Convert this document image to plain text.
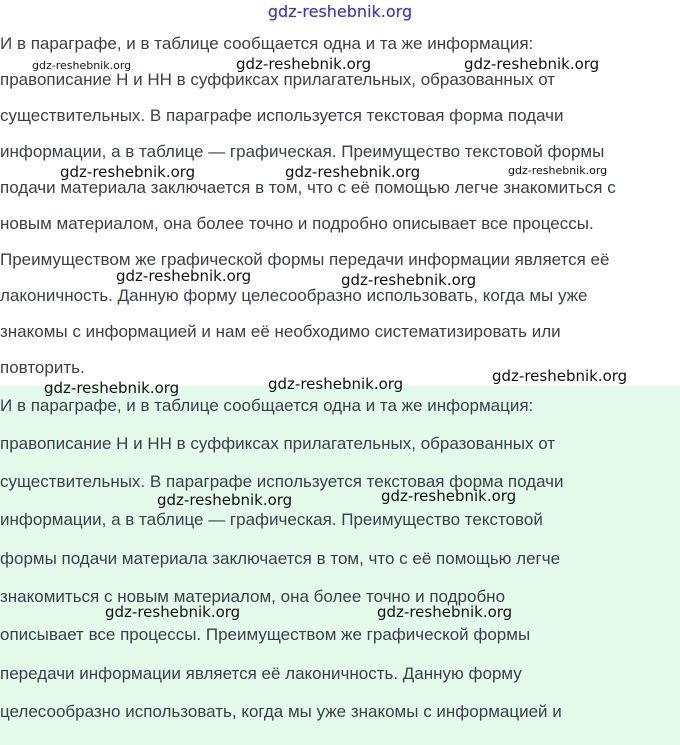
gdz-reshebnik.org
И в параграфе, и в таблице сообщается одна и та же информация:
правописание Н и НН в суффиксах прилагательных, образованных от
существительных. В параграфе используется текстовая форма подачи
информации, а в таблице — графическая. Преимущество текстовой формы
подачи материала заключается в том, что с её помощью легче знакомиться с
новым материалом, она более точно и подробно описывает все процессы.
Преимуществом же графической формы передачи информации является её
лаконичность. Данную форму целесообразно использовать, когда мы уже
знакомы с информацией и нам её необходимо систематизировать или
повторить.
И в параграфе, и в таблице сообщается одна и та же информация:
правописание Н и НН в суффиксах прилагательных, образованных от
существительных. В параграфе используется текстовая форма подачи
информации, а в таблице — графическая. Преимущество текстовой
формы подачи материала заключается в том, что с её помощью легче
знакомиться с новым материалом, она более точно и подробно
описывает все процессы. Преимуществом же графической формы
передачи информации является её лаконичность. Данную форму
целесообразно использовать, когда мы уже знакомы с информацией и
gdz-reshebnik.org	gdz-reshebnik.org	gdz-reshebnik.org
gdz-reshebnik.org	gdz-reshebnik.org	gdz-reshebnik.org
gdz-reshebnik.org	gdz-reshebnik.org
gdz-reshebnik.org	gdz-reshebnik.org	gdz-reshebnik.org
gdz-reshebnik.org	gdz-reshebnik.org
gdz-reshebnik.org	gdz-reshebnik.org
